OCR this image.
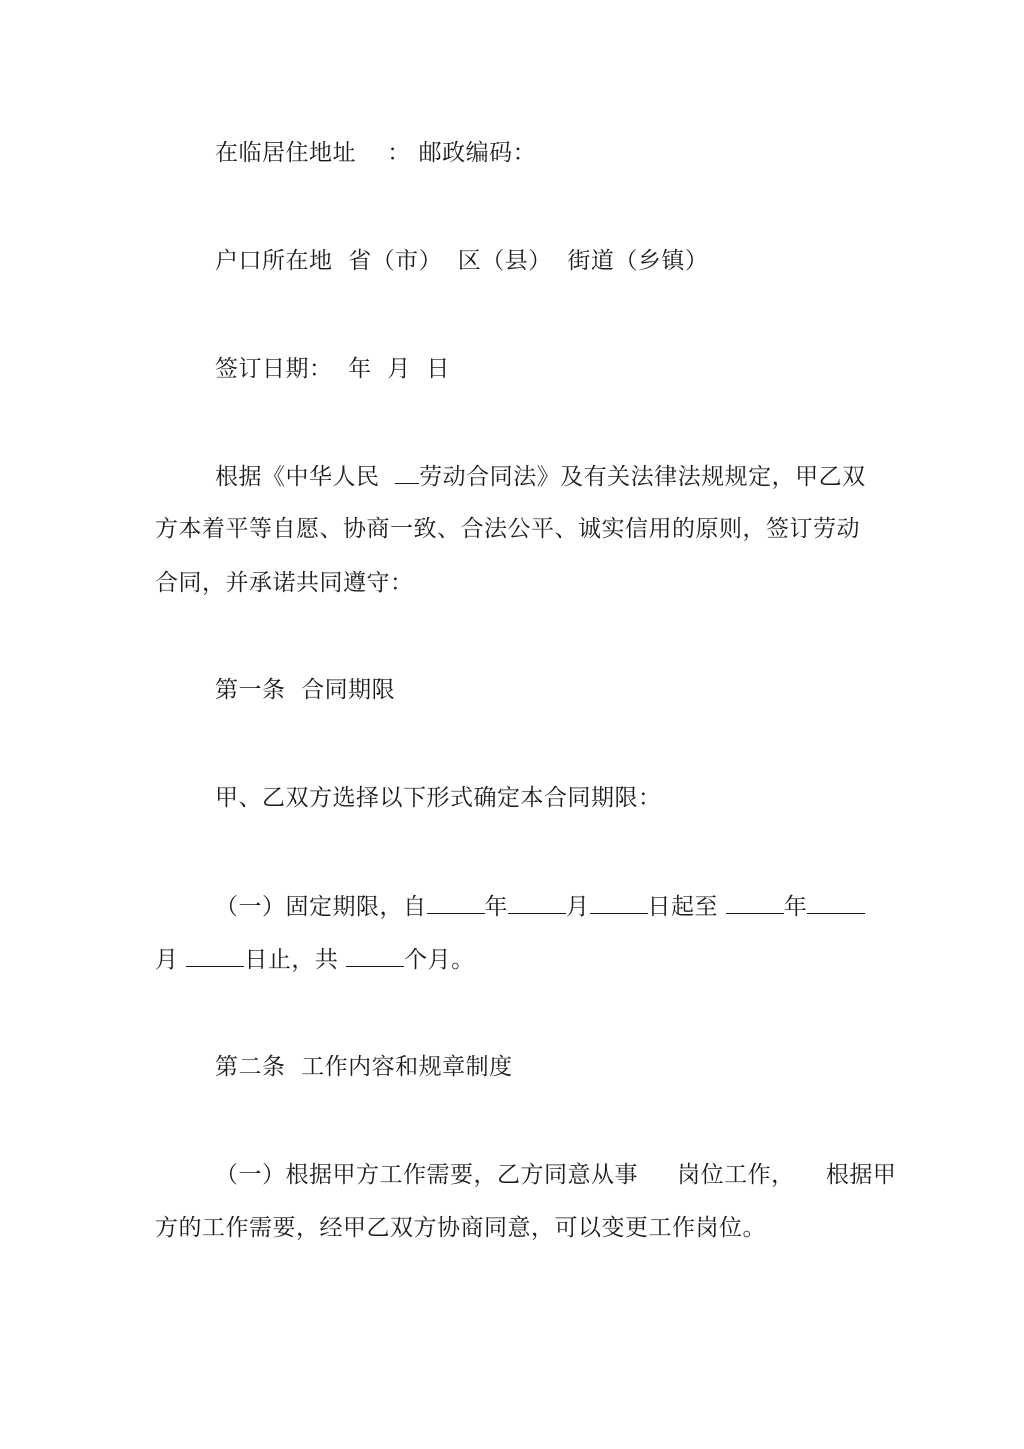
在临居住地址 ： 邮政编码：
户口所在地 省（市） 区（县） 街道（乡镇）
签订日期： 年 月 日
根据《中华人民 劳动合同法》及有关法律法规规定，甲乙双
方本着平等自愿、协商一致、合法公平、诚实信用的原则，签订劳动
合同，并承诺共同遵守：
第一条 合同期限
甲、乙双方选择以下形式确定本合同期限：
（一）固定期限，自	年	月	日起至	年
月	日止，共	个月。
第二条 工作内容和规章制度
（一）根据甲方工作需要，乙方同意从事 岗位工作， 根据甲
方的工作需要，经甲乙双方协商同意，可以变更工作岗位。
